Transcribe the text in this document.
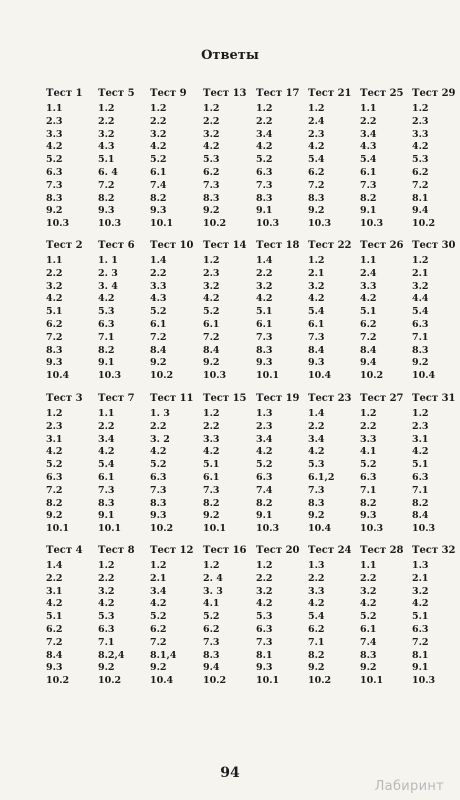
Ответы
Тест 1
1.1
2.3
3.3
4.2
5.2
6.3
7.3
8.3
9.2
10.3
Тест 5
1.2
2.2
3.2
4.3
5.1
6. 4
7.2
8.2
9.3
10.3
Тест 9
1.2
2.2
3.2
4.2
5.2
6.1
7.4
8.2
9.3
10.1
Тест 13
1.2
2.2
3.2
4.2
5.3
6.2
7.3
8.3
9.2
10.2
Тест 17
1.2
2.2
3.4
4.2
5.2
6.3
7.3
8.3
9.1
10.3
Тест 21
1.2
2.4
2.3
4.2
5.4
6.2
7.2
8.3
9.2
10.3
Тест 25
1.1
2.2
3.4
4.3
5.4
6.1
7.3
8.2
9.1
10.3
Тест 29
1.2
2.3
3.3
4.2
5.3
6.2
7.2
8.1
9.4
10.2
Тест 2
1.1
2.2
3.2
4.2
5.1
6.2
7.2
8.3
9.3
10.4
Тест 6
1. 1
2. 3
3. 4
4.2
5.3
6.3
7.1
8.2
9.1
10.3
Тест 10
1.4
2.2
3.3
4.3
5.2
6.1
7.2
8.4
9.2
10.2
Тест 14
1.2
2.3
3.2
4.2
5.2
6.1
7.2
8.4
9.2
10.3
Тест 18
1.4
2.2
3.2
4.2
5.1
6.1
7.3
8.3
9.3
10.1
Тест 22
1.2
2.1
3.2
4.2
5.4
6.1
7.3
8.4
9.3
10.4
Тест 26
1.1
2.4
3.3
4.2
5.1
6.2
7.2
8.4
9.4
10.2
Тест 30
1.2
2.1
3.2
4.4
5.4
6.3
7.1
8.3
9.2
10.4
Тест 3
1.2
2.3
3.1
4.2
5.2
6.3
7.2
8.2
9.2
10.1
Тест 7
1.1
2.2
3.4
4.2
5.4
6.1
7.3
8.3
9.1
10.1
Тест 11
1. 3
2.2
3. 2
4.2
5.2
6.3
7.3
8.3
9.3
10.2
Тест 15
1.2
2.2
3.3
4.2
5.1
6.1
7.3
8.2
9.2
10.1
Тест 19
1.3
2.3
3.4
4.2
5.2
6.3
7.4
8.2
9.1
10.3
Тест 23
1.4
2.2
3.4
4.2
5.3
6.1,2
7.3
8.3
9.2
10.4
Тест 27
1.2
2.2
3.3
4.1
5.2
6.3
7.1
8.2
9.3
10.3
Тест 31
1.2
2.3
3.1
4.2
5.1
6.3
7.1
8.2
8.4
10.3
Тест 4
1.4
2.2
3.1
4.2
5.1
6.2
7.2
8.4
9.3
10.2
Тест 8
1.2
2.2
3.2
4.2
5.3
6.3
7.1
8.2,4
9.2
10.2
Тест 12
1.2
2.1
3.4
4.2
5.2
6.2
7.2
8.1,4
9.2
10.4
Тест 16
1.2
2. 4
3. 3
4.1
5.2
6.2
7.3
8.3
9.4
10.2
Тест 20
1.2
2.2
3.2
4.2
5.3
6.3
7.3
8.1
9.3
10.1
Тест 24
1.3
2.2
3.3
4.2
5.4
6.2
7.1
8.2
9.2
10.2
Тест 28
1.1
2.2
3.2
4.2
5.2
6.1
7.4
8.3
9.2
10.1
Тест 32
1.3
2.1
3.2
4.2
5.1
6.3
7.2
8.1
9.1
10.3
94
Лабиринт
